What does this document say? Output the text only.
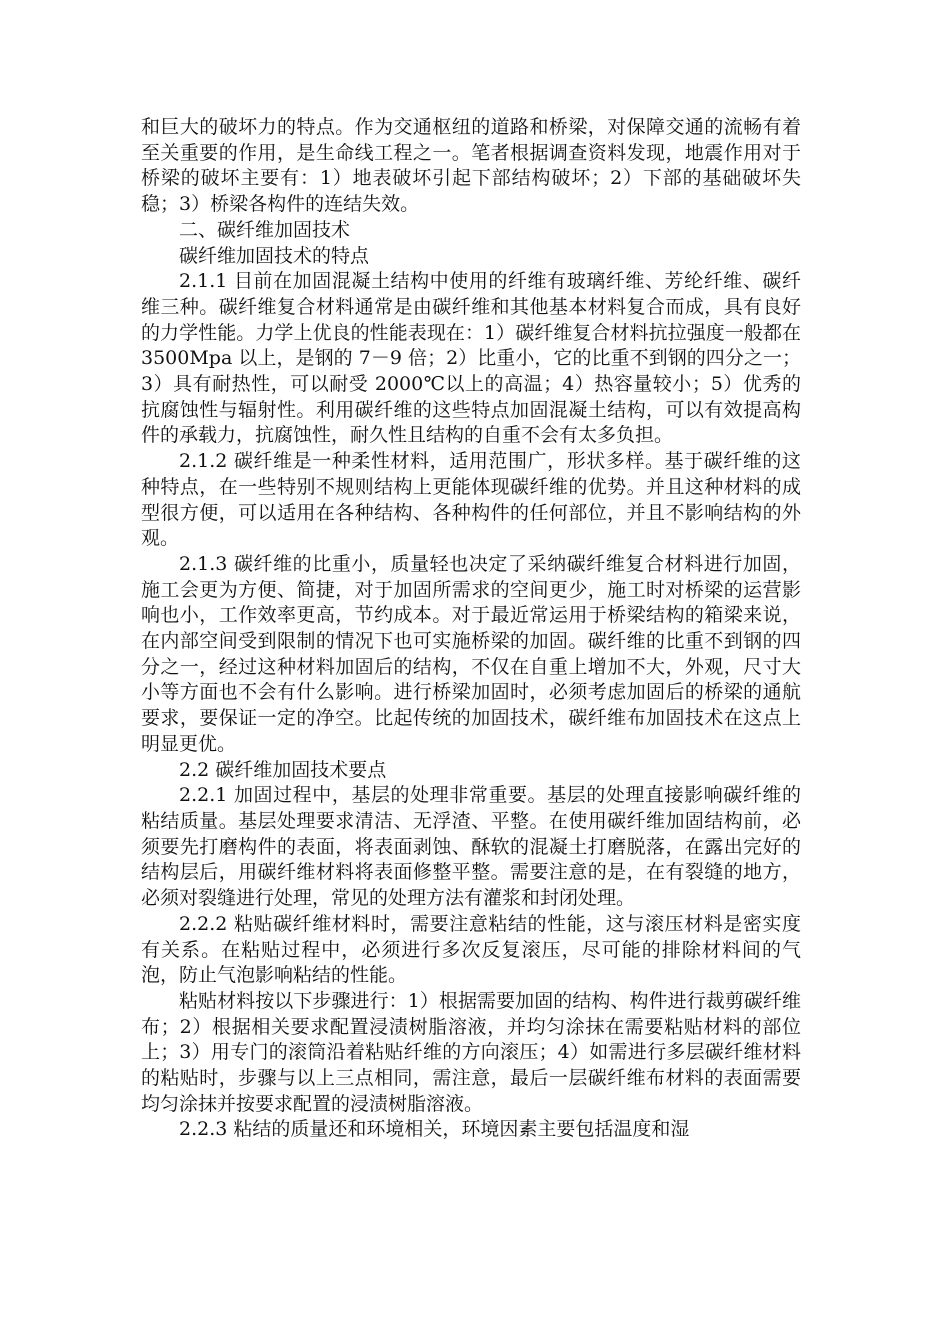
和巨大的破坏力的特点。作为交通枢纽的道路和桥梁，对保障交通的流畅有着至关重要的作用，是生命线工程之一。笔者根据调查资料发现，地震作用对于桥梁的破坏主要有：1）地表破坏引起下部结构破坏；2）下部的基础破坏失稳；3）桥梁各构件的连结失效。

二、碳纤维加固技术

碳纤维加固技术的特点

2.1.1 目前在加固混凝土结构中使用的纤维有玻璃纤维、芳纶纤维、碳纤维三种。碳纤维复合材料通常是由碳纤维和其他基本材料复合而成，具有良好的力学性能。力学上优良的性能表现在：1）碳纤维复合材料抗拉强度一般都在 3500Mpa 以上，是钢的 7－9 倍；2）比重小，它的比重不到钢的四分之一；3）具有耐热性，可以耐受 2000℃以上的高温；4）热容量较小；5）优秀的抗腐蚀性与辐射性。利用碳纤维的这些特点加固混凝土结构，可以有效提高构件的承载力，抗腐蚀性，耐久性且结构的自重不会有太多负担。

2.1.2 碳纤维是一种柔性材料，适用范围广，形状多样。基于碳纤维的这种特点，在一些特别不规则结构上更能体现碳纤维的优势。并且这种材料的成型很方便，可以适用在各种结构、各种构件的任何部位，并且不影响结构的外观。

2.1.3 碳纤维的比重小，质量轻也决定了采纳碳纤维复合材料进行加固，施工会更为方便、简捷，对于加固所需求的空间更少，施工时对桥梁的运营影响也小，工作效率更高，节约成本。对于最近常运用于桥梁结构的箱梁来说，在内部空间受到限制的情况下也可实施桥梁的加固。碳纤维的比重不到钢的四分之一，经过这种材料加固后的结构，不仅在自重上增加不大，外观，尺寸大小等方面也不会有什么影响。进行桥梁加固时，必须考虑加固后的桥梁的通航要求，要保证一定的净空。比起传统的加固技术，碳纤维布加固技术在这点上明显更优。

2.2 碳纤维加固技术要点

2.2.1 加固过程中，基层的处理非常重要。基层的处理直接影响碳纤维的粘结质量。基层处理要求清洁、无浮渣、平整。在使用碳纤维加固结构前，必须要先打磨构件的表面，将表面剥蚀、酥软的混凝土打磨脱落，在露出完好的结构层后，用碳纤维材料将表面修整平整。需要注意的是，在有裂缝的地方，必须对裂缝进行处理，常见的处理方法有灌浆和封闭处理。

2.2.2 粘贴碳纤维材料时，需要注意粘结的性能，这与滚压材料是密实度有关系。在粘贴过程中，必须进行多次反复滚压，尽可能的排除材料间的气泡，防止气泡影响粘结的性能。

粘贴材料按以下步骤进行：1）根据需要加固的结构、构件进行裁剪碳纤维布；2）根据相关要求配置浸渍树脂溶液，并均匀涂抹在需要粘贴材料的部位上；3）用专门的滚筒沿着粘贴纤维的方向滚压；4）如需进行多层碳纤维材料的粘贴时，步骤与以上三点相同，需注意，最后一层碳纤维布材料的表面需要均匀涂抹并按要求配置的浸渍树脂溶液。

2.2.3 粘结的质量还和环境相关，环境因素主要包括温度和湿
